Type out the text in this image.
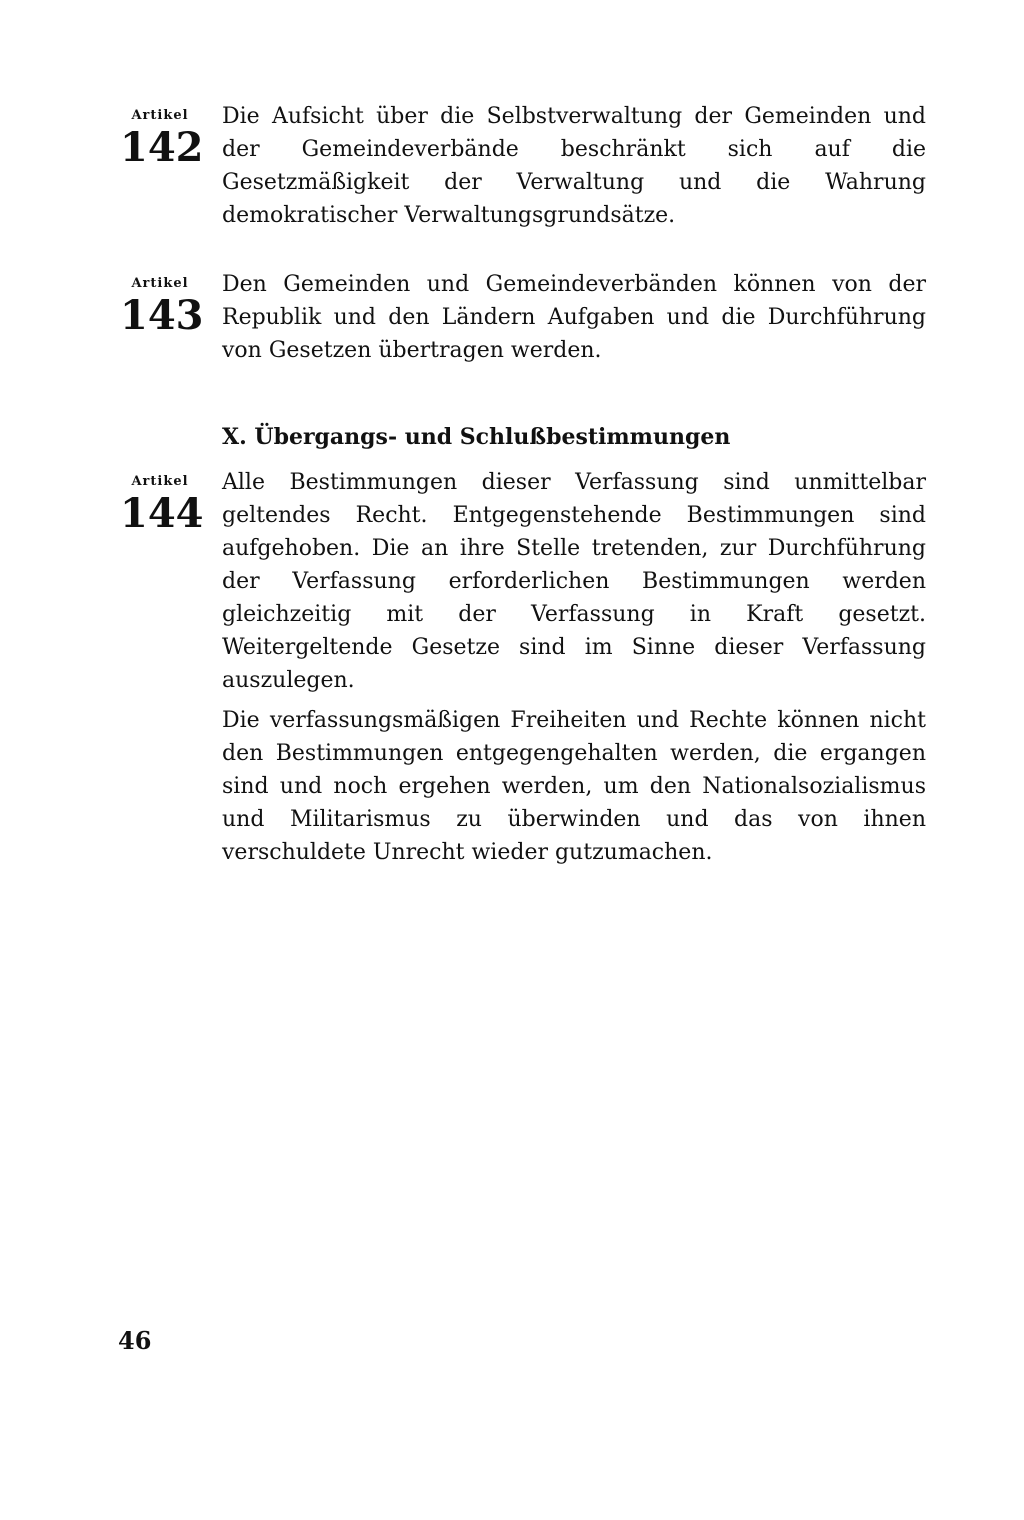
Artikel
142

Die Aufsicht über die Selbstverwaltung der Gemeinden und der Gemeindeverbände beschränkt sich auf die Gesetzmäßigkeit der Verwaltung und die Wahrung demokratischer Verwaltungsgrundsätze.

Artikel
143

Den Gemeinden und Gemeindeverbänden können von der Republik und den Ländern Aufgaben und die Durchführung von Gesetzen übertragen werden.

X. Übergangs- und Schlußbestimmungen
Artikel
144

Alle Bestimmungen dieser Verfassung sind unmittelbar geltendes Recht. Entgegenstehende Bestimmungen sind aufgehoben. Die an ihre Stelle tretenden, zur Durchführung der Verfassung erforderlichen Bestimmungen werden gleichzeitig mit der Verfassung in Kraft gesetzt. Weitergeltende Gesetze sind im Sinne dieser Verfassung auszulegen.

Die verfassungsmäßigen Freiheiten und Rechte können nicht den Bestimmungen entgegengehalten werden, die ergangen sind und noch ergehen werden, um den Nationalsozialismus und Militarismus zu überwinden und das von ihnen verschuldete Unrecht wieder gutzumachen.

46
